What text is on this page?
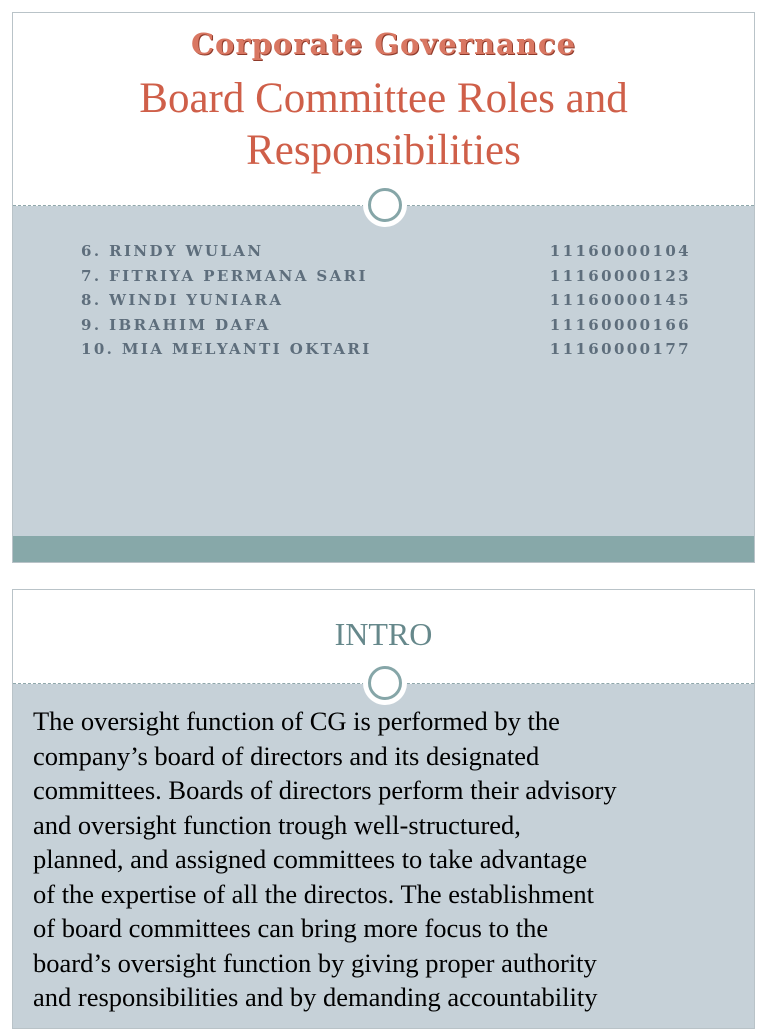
Corporate Governance
Board Committee Roles and
Responsibilities
6. RINDY WULAN	11160000104
7. FITRIYA PERMANA SARI	11160000123
8. WINDI YUNIARA	11160000145
9. IBRAHIM DAFA	11160000166
10. MIA MELYANTI OKTARI	11160000177
INTRO
The oversight function of CG is performed by the
company’s board of directors and its designated
committees. Boards of directors perform their advisory
and oversight function trough well-structured,
planned, and assigned committees to take advantage
of the expertise of all the directos. The establishment
of board committees can bring more focus to the
board’s oversight function by giving proper authority
and responsibilities and by demanding accountability
